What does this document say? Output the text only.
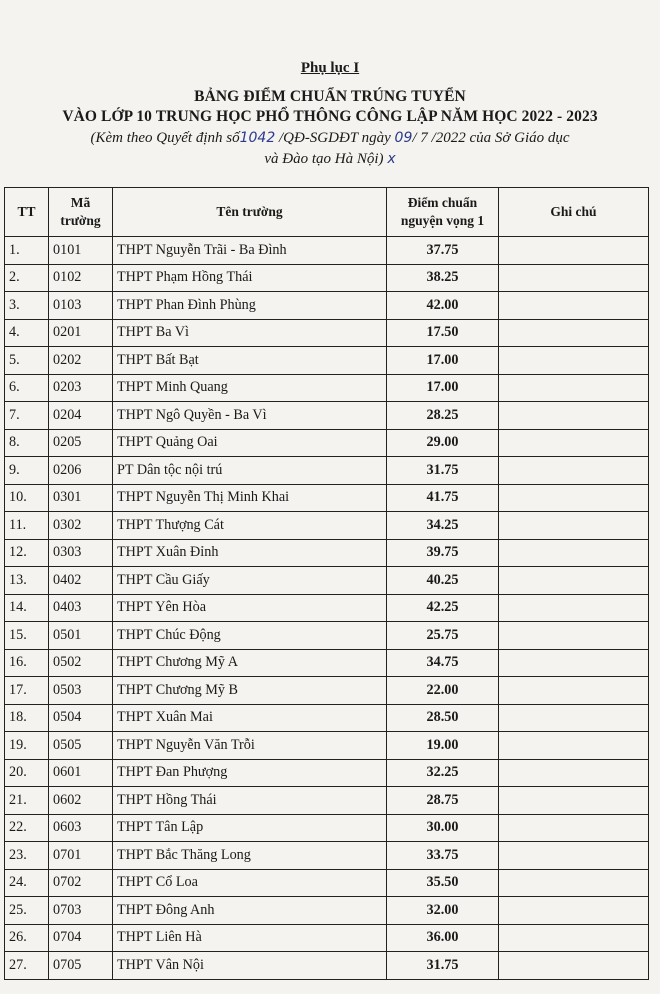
Phụ lục I
BẢNG ĐIỂM CHUẨN TRÚNG TUYỂN
VÀO LỚP 10 TRUNG HỌC PHỔ THÔNG CÔNG LẬP NĂM HỌC 2022 - 2023
(Kèm theo Quyết định số1042 /QĐ-SGDĐT ngày 09/ 7 /2022 của Sở Giáo dục
và Đào tạo Hà Nội) x
TT	Mã trường	Tên trường	Điểm chuẩn nguyện vọng 1	Ghi chú
1.	0101	THPT Nguyễn Trãi - Ba Đình	37.75	
2.	0102	THPT Phạm Hồng Thái	38.25	
3.	0103	THPT Phan Đình Phùng	42.00	
4.	0201	THPT Ba Vì	17.50	
5.	0202	THPT Bất Bạt	17.00	
6.	0203	THPT Minh Quang	17.00	
7.	0204	THPT Ngô Quyền - Ba Vì	28.25	
8.	0205	THPT Quảng Oai	29.00	
9.	0206	PT Dân tộc nội trú	31.75	
10.	0301	THPT Nguyễn Thị Minh Khai	41.75	
11.	0302	THPT Thượng Cát	34.25	
12.	0303	THPT Xuân Đỉnh	39.75	
13.	0402	THPT Cầu Giấy	40.25	
14.	0403	THPT Yên Hòa	42.25	
15.	0501	THPT Chúc Động	25.75	
16.	0502	THPT Chương Mỹ A	34.75	
17.	0503	THPT Chương Mỹ B	22.00	
18.	0504	THPT Xuân Mai	28.50	
19.	0505	THPT Nguyễn Văn Trỗi	19.00	
20.	0601	THPT Đan Phượng	32.25	
21.	0602	THPT Hồng Thái	28.75	
22.	0603	THPT Tân Lập	30.00	
23.	0701	THPT Bắc Thăng Long	33.75	
24.	0702	THPT Cổ Loa	35.50	
25.	0703	THPT Đông Anh	32.00	
26.	0704	THPT Liên Hà	36.00	
27.	0705	THPT Vân Nội	31.75	
